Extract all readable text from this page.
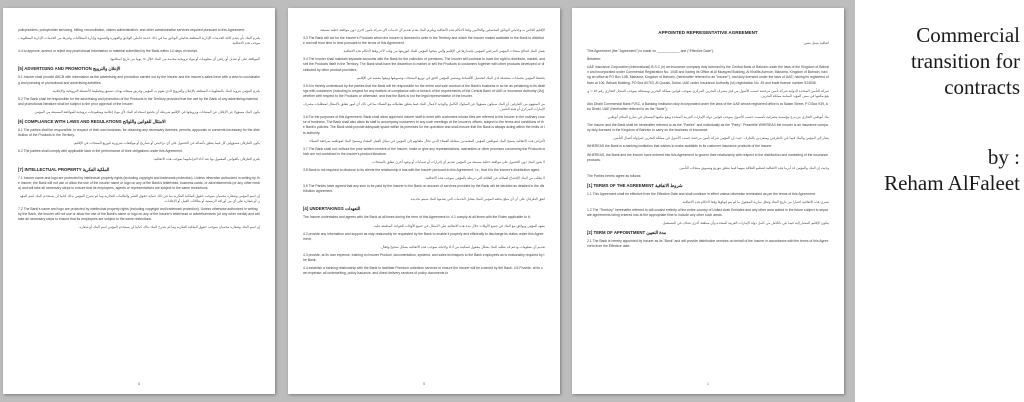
policyholders, policyholder servicing, billing, reconciliation, claims administration, and other administrative services required pursuant to this Agreement.
يلتزم البنك بأن يقدم كافة الخدمات الإدارية المتعلقة بحاملي الوثائق بما في ذلك خدمة حاملي الوثائق والفوترة والتسوية وإدارة المطالبات وغيرها من الخدمات الإدارية المطلوبة بموجب هذه الاتفاقية.
4.4 to approve, amend or reject any promotional information or material submitted by the Bank within 14 days of receipt.
الموافقة على أو تعديل أو رفض أي معلومات أو مواد ترويجية مقدمة من البنك خلال ١٤ يوما من تاريخ استلامها.
[5] ADVERTISING AND PROMOTION الإعلان والترويج
5.1 Insurer shall provide ABCB with information as the advertising and promotion carried out by the Insurer and the Insurer's sales force with a view to coordinating and planning of promotional and advertising activities.
يلتزم المؤمن بتزويد البنك بالمعلومات المتعلقة بالإعلان والترويج الذي يقوم به المؤمن وفريق مبيعاته بهدف تنسيق وتخطيط الأنشطة الترويجية والإعلانية.
5.2 The Bank shall be responsible for the advertising and promotion of the Products in the Territory provided that the use by the Bank of any advertising material and promotional literature shall be subject to the prior approval of the Insurer.
يكون البنك مسؤولا عن الإعلان عن المنتجات وترويجها في الإقليم شريطة أن يخضع استخدام البنك لأي مواد إعلانية ومطبوعات ترويجية للموافقة المسبقة من المؤمن.
[6] COMPLIANCE WITH LAWS AND REGULATIONS الامتثال للقوانين واللوائح
6.1 The parties shall be responsible, in respect of their own business, for obtaining any necessary licenses, permits, approvals or consents necessary for the distribution of the Products in the Territory.
يكون الطرفان مسؤولين كل فيما يتعلق بأعماله عن الحصول على أي تراخيص أو تصاريح أو موافقات ضرورية لتوزيع المنتجات في الإقليم.
6.2 The parties shall comply with applicable laws in the performance of their obligations under this Agreement.
يلتزم الطرفان بالقوانين المعمول بها عند أداء التزاماتهما بموجب هذه الاتفاقية.
[7] INTELLECTUAL PROPERTY الملكية الفكرية
7.1 Insurer name and logo are protected by intellectual property rights (including copyright and trademark protection). Unless otherwise authorized in writing by the Insurer, the Bank will not use or allow the use of the Insurer name or logo on any of the Bank's letterhead, business cards, or advertisements (or any other media) and will take all necessary steps to ensure that its employees, agents or representatives are subject to the same restrictions.
إن اسم المؤمن وشعاره محميان بموجب حقوق الملكية الفكرية بما في ذلك حماية حقوق النشر والعلامات التجارية وما لم يصرح المؤمن بذلك كتابيا لن يستخدم البنك اسم المؤمن أو شعاره على أي من أوراقه الرسمية أو بطاقات العمل أو الإعلانات.
7.2 The Bank's name and logo are protected by intellectual property rights (including copyright and trademark protection). Unless otherwise authorized in writing by the Bank, the Insurer will not use or allow the use of the Bank's name or logo on any of the Insurer's letterhead or advertisements (or any other media) and will take all necessary steps to ensure that its employees are subject to the same restrictions.
إن اسم البنك وشعاره محميان بموجب حقوق الملكية الفكرية وما لم يصرح البنك بذلك كتابيا لن يستخدم المؤمن اسم البنك أو شعاره.
6
الإقليم الخاص به وحاملي الوثائق المحتملين والحاليين وفقا لأحكام هذه الاتفاقية ويلتزم البنك بعدم تقديم أي خدمات لأي شركة تأمين أخرى دون موافقة خطية مسبقة.
3.3 The Bank will act for the Insurer's Products which the Insurer is licensed to write in the Territory and which the Insurer makes available to the Bank to distribute and will from time to time pursuant to the terms of this Agreement.
يعمل البنك لصالح منتجات المؤمن المرخص للمؤمن بإصدارها في الإقليم والتي يتيحها المؤمن للبنك لتوزيعها من وقت لآخر وفقا لأحكام هذه الاتفاقية.
3.4 The Insurer shall maintain separate accounts with the Bank for the collection of premiums. The Insurer will continue to have the right to distribute, market, and sell the Products itself in the Territory. The Bank shall have the discretion to market or sell the Products to customers together with other products developed or distributed by other product providers.
يحتفظ المؤمن بحسابات منفصلة لدى البنك لتحصيل الأقساط ويستمر للمؤمن الحق في توزيع المنتجات وتسويقها وبيعها بنفسه في الإقليم.
3.5 It is hereby understood by the parties that the Bank will be responsible for the entire and sole conduct of the Bank's business in so far as pertaining to its dealings with customers (including in respect for any matters of compliance with or breach of the requirements of the Central Bank of UAE or Insurance Authority (IA)) whether with respect to the Products or otherwise, and that the Bank is not the legal representative of the Insurer.
من المفهوم بين الطرفين أن البنك سيكون مسؤولا عن السلوك الكامل والوحيد لأعمال البنك فيما يتعلق بتعاملاته مع العملاء بما في ذلك أي أمور تتعلق بالامتثال لمتطلبات مصرف الإمارات المركزي أو هيئة التأمين.
3.6 For the purposes of this Agreement, Bank shall allow approved Insurer staff to meet with customers whose files are referred to the Insurer in the ordinary course of business. The Bank shall also allow its staff to accompany customers to any such meetings at the Insurer's offices, subject to the terms and conditions of the Bank's policies. The Bank shall provide adequate space within its premises for the operation and shall ensure that the Bank is always acting within the limits of its authority.
لأغراض هذه الاتفاقية يسمح البنك لموظفي المؤمن المعتمدين بمقابلة العملاء الذين تحال ملفاتهم إلى المؤمن في سياق العمل المعتاد ويسمح البنك لموظفيه بمرافقة العملاء.
3.7 The Bank shall not, without the prior written consent of the Insurer, make or give any representations, warranties or other promises concerning the Products which are not contained in the Insurer's product literature.
لا يجوز للبنك دون الحصول على موافقة خطية مسبقة من المؤمن تقديم أي إقرارات أو ضمانات أو وعود أخرى تتعلق بالمنتجات.
3.8 Bank is not required to disclose to its clients the relationship it has with the Insurer pursuant to this Agreement, i.e., that it is the Insurer's distribution agent.
لا يطلب من البنك الإفصاح لعملائه عن العلاقة التي تربطه بالمؤمن بموجب هذه الاتفاقية.
3.9 The Parties have agreed that any sum to be paid by the Insurer to the Bank on account of services provided by the Bank will be decided as detailed in the distribution agreement.
اتفق الطرفان على أن أي مبلغ يدفعه المؤمن للبنك مقابل الخدمات التي يقدمها البنك سيتم تحديده.
[4] UNDERTAKINGS التعهدات
The Insurer undertakes and agrees with the Bank at all times during the term of this Agreement to: 4.1 comply at all times with the Rules applicable to it;
يتعهد المؤمن ويوافق مع البنك في جميع الأوقات خلال مدة هذه الاتفاقية على الامتثال في جميع الأوقات للقواعد المطبقة عليه.
4.2 provide any information and support as may reasonably be requested by the Bank to enable it properly and efficiently to discharge its duties under this Agreement;
تقديم أي معلومات ودعم قد يطلبه البنك بشكل معقول لتمكينه من أداء واجباته بموجب هذه الاتفاقية بشكل صحيح وفعال.
4.3 provide, at its own expense, training on Insurer Product, documentation, systems, and sales techniques to the Bank employees as is reasonably required by the Bank;
4.4 establish a banking relationship with the Bank to facilitate Premium collection services to ensure the Insurer will be covered by the Bank. 4.5 Provide, at its own expense, all underwriting, policy issuance, and direct delivery services of policy documents to
5
APPOINTED REPRESENTATIVE AGREEMENT
اتفاقية ممثل معين
This Agreement (the "Agreement") is made on ____________ and ("Effective Date").
Between:
UAE Insurance Corporation (International) B.S.C (c) an insurance company duly licensed by the Central Bank of Bahrain under the laws of the Kingdom of Bahrain and incorporated under Commercial Registration No. 1045 and having its Office at Al Moayyed Building, Al Khalifa Avenue, Manama, Kingdom of Bahrain, having an office at PO Box 10B, Manama, Kingdom of Bahrain, (hereinafter referred to as "Insurer"), and duly licensed under the laws of UAE, having its registered offices at 106, Behadi Building, PO Box 60763, Al Quzais, Dubai, UAE under Insurance Authority (IA) registration No. 49 and trade licence number 524536.
شركة التأمين المتحدة الدولية شركة تأمين مرخصة حسب الأصول من قبل مصرف البحرين المركزي بموجب قوانين مملكة البحرين ومسجلة بموجب السجل التجاري رقم ١٠٤٥ ويقع مكتبها في مبنى المؤيد المنامة مملكة البحرين.
Abu Dhabi Commercial Bank PJSC, a Banking Institution duly incorporated under the laws of the UAE whose registered office is at Salam Street, P.O.Box 939, Abu Dhabi, UAE (hereinafter referred to as the "Bank");
بنك أبوظبي التجاري ش.م.ع مؤسسة مصرفية تأسست حسب الأصول بموجب قوانين دولة الإمارات العربية المتحدة ويقع مكتبها المسجل في شارع السلام أبوظبي.
The Insurer and the Bank shall be hereinafter referred to as the "Parties" and individually as the "Party". Preamble WHEREAS the Insurer is an insurance company duly licensed in the Kingdom of Bahrain to carry on the business of insurance.
يشار إلى المؤمن والبنك فيما يلي بالطرفين ومنفردين بالطرف. حيث إن المؤمن شركة تأمين مرخصة حسب الأصول في مملكة البحرين لمزاولة أعمال التأمين.
WHEREAS the Bank is a banking institution that wishes to make available to its customer insurance products of the Insurer.
WHEREAS, the Bank and the Insurer have entered into this Agreement to govern their relationship with respect to the distribution and marketing of the insurance products.
وحيث إن البنك والمؤمن قد أبرما هذه الاتفاقية لتنظيم العلاقة بينهما فيما يتعلق بتوزيع وتسويق منتجات التأمين.
The Parties hereto agree as follows:
[1] TERMS OF THE AGREEMENT شروط الاتفاقية
1.1 This Agreement shall be effective from the Effective Date and shall continue in effect unless otherwise terminated as per the terms of this Agreement.
تسري هذه الاتفاقية اعتبارا من تاريخ النفاذ وتظل سارية المفعول ما لم يتم إنهاؤها وفقا لأحكام هذه الاتفاقية.
1.2 The "Territory" hereinafter referred to will consist entirely of the entire country of United Arab Emirates and any other area added in the future subject to separate agreements being entered into at the appropriate time to include any other such areas.
يتكون الإقليم المشار إليه فيما يلي بالكامل من كامل دولة الإمارات العربية المتحدة وأي منطقة أخرى تضاف في المستقبل.
[2] TERM OF APPOINTMENT مدة التعيين
2.1 The Bank is hereby appointed by Insurer as its "Bank" and will provide distribution services on behalf of the Insurer in accordance with the terms of this Agreement from the Effective date.
1
Commercial
transition for
contracts
by :
Reham AlFaleet
